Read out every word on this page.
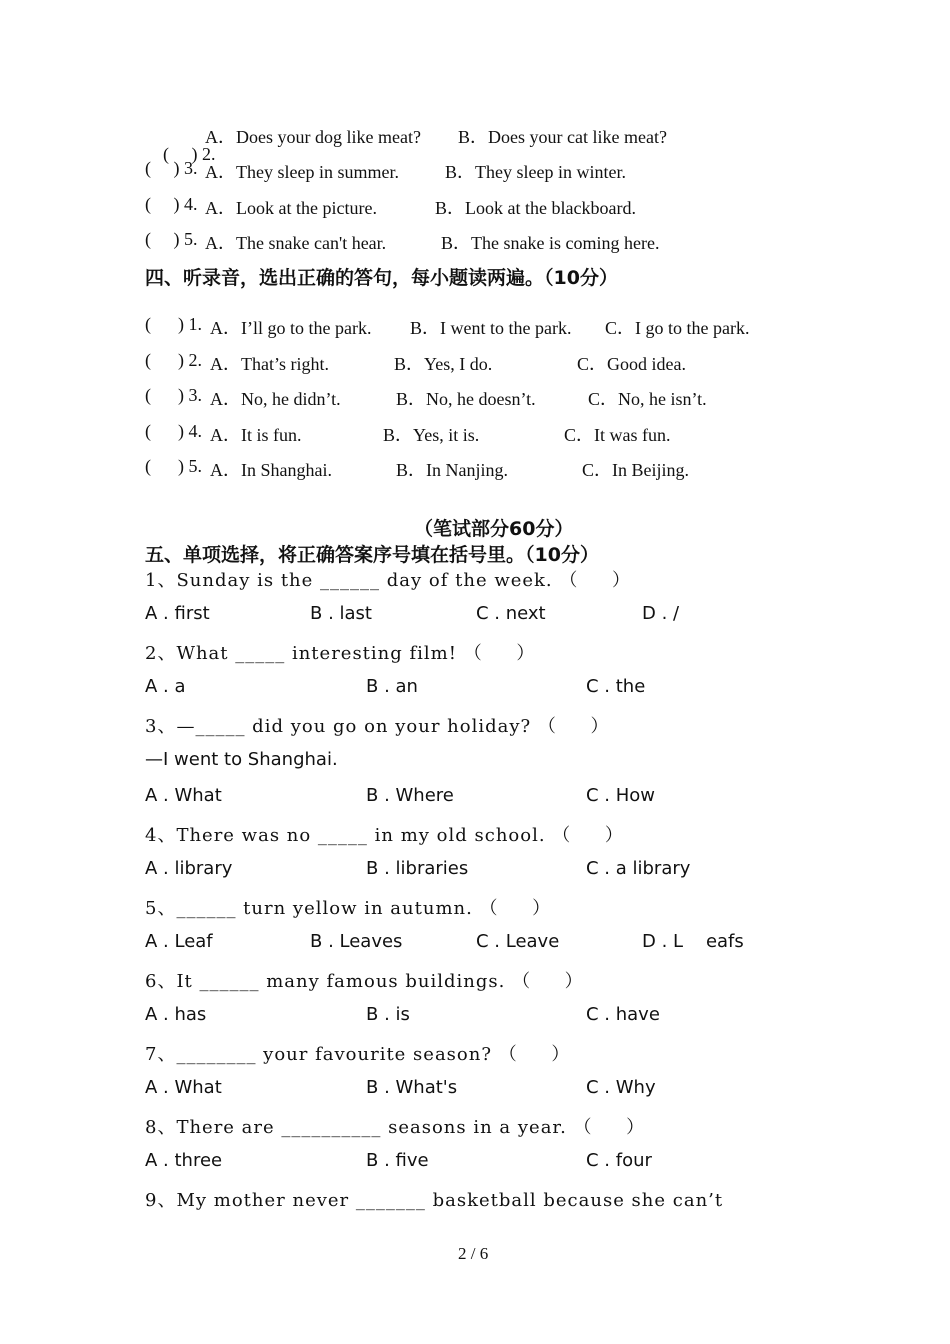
(     ) 2.

A．Does your dog like meat? B．Does your cat like meat?
(     ) 3. A．They sleep in summer.	B．They sleep in winter.
(     ) 4. A．Look at the picture.	B．Look at the blackboard.
(     ) 5. A．The snake can't hear.	B．The snake is coming here.
四、听录音，选出正确的答句，每小题读两遍。（10分）
(      ) 1. A．I’ll go to the park. B．I went to the park. C．I go to the park.
(      ) 2. A．That’s right.	B．Yes, I do.	C．Good idea.
(      ) 3. A．No, he didn’t.	B．No, he doesn’t.	C．No, he isn’t.
(      ) 4. A．It is fun.	B．Yes, it is.	C．It was fun.
(      ) 5. A．In Shanghai.	B．In Nanjing.	C．In Beijing.
（笔试部分60分）
五、单项选择，将正确答案序号填在括号里。（10分）
1、Sunday is the ______ day of the week. （     ）
A . first	B . last	C . next	D . /
2、What _____ interesting film! （     ）
A . a	B . an	C . the
3、—_____ did you go on your holiday? （     ）
—I went to Shanghai.
A . What	B . Where	C . How
4、There was no _____ in my old school. （     ）
A . library	B . libraries	C . a library
5、______ turn yellow in autumn. （     ）
A . Leaf	B . Leaves	C . Leave	D . L    eafs
6、It ______ many famous buildings. （     ）
A . has	B . is	C . have
7、________ your favourite season? （     ）
A . What	B . What's	C . Why
8、There are __________ seasons in a year. （     ）
A . three	B . five	C . four
9、My mother never _______ basketball because she can’t
2 / 6
